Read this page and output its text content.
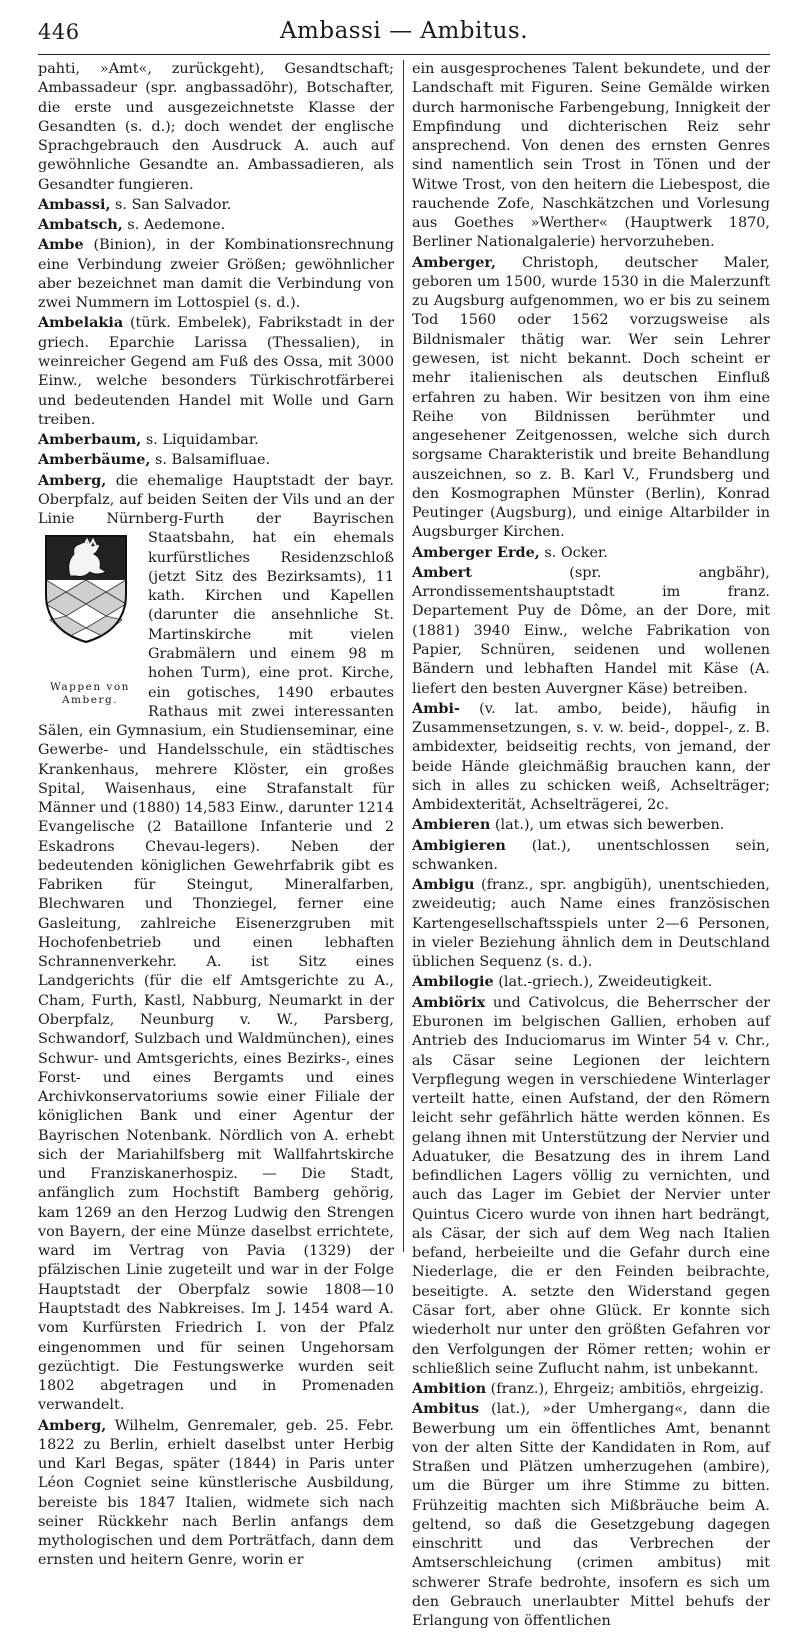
446	Ambassi — Ambitus.

pahti, »Amt«, zurückgeht), Gesandtschaft; Ambassadeur (spr. angbassadöhr), Botschafter, die erste und ausgezeichnetste Klasse der Gesandten (s. d.); doch wendet der englische Sprachgebrauch den Ausdruck A. auch auf gewöhnliche Gesandte an. Ambassadieren, als Gesandter fungieren.

Ambassi, s. San Salvador.

Ambatsch, s. Aedemone.

Ambe (Binion), in der Kombinationsrechnung eine Verbindung zweier Größen; gewöhnlicher aber bezeichnet man damit die Verbindung von zwei Nummern im Lottospiel (s. d.).

Ambelakia (türk. Embelek), Fabrikstadt in der griech. Eparchie Larissa (Thessalien), in weinreicher Gegend am Fuß des Ossa, mit 3000 Einw., welche besonders Türkischrotfärberei und bedeutenden Handel mit Wolle und Garn treiben.

Amberbaum, s. Liquidambar.

Amberbäume, s. Balsamifluae.

Amberg, die ehemalige Hauptstadt der bayr. Oberpfalz, auf beiden Seiten der Vils und an der Linie Nürnberg-Furth der Bayrischen Staatsbahn, hat ein
Wappen von Amberg.
ehemals kurfürstliches Residenzschloß (jetzt Sitz des Bezirksamts), 11 kath. Kirchen und Kapellen (darunter die ansehnliche St. Martinskirche mit vielen Grabmälern und einem 98 m hohen Turm), eine prot. Kirche, ein gotisches, 1490 erbautes Rathaus mit zwei interessanten Sälen, ein Gymnasium, ein Studienseminar, eine Gewerbe- und Handelsschule, ein städtisches Krankenhaus, mehrere Klöster, ein großes Spital, Waisenhaus, eine Strafanstalt für Männer und (1880) 14,583 Einw., darunter 1214 Evangelische (2 Bataillone Infanterie und 2 Eskadrons Chevau-legers). Neben der bedeutenden königlichen Gewehrfabrik gibt es Fabriken für Steingut, Mineralfarben, Blechwaren und Thonziegel, ferner eine Gasleitung, zahlreiche Eisenerzgruben mit Hochofenbetrieb und einen lebhaften Schrannenverkehr. A. ist Sitz eines Landgerichts (für die elf Amtsgerichte zu A., Cham, Furth, Kastl, Nabburg, Neumarkt in der Oberpfalz, Neunburg v. W., Parsberg, Schwandorf, Sulzbach und Waldmünchen), eines Schwur- und Amtsgerichts, eines Bezirks-, eines Forst- und eines Bergamts und eines Archivkonservatoriums sowie einer Filiale der königlichen Bank und einer Agentur der Bayrischen Notenbank. Nördlich von A. erhebt sich der Mariahilfsberg mit Wallfahrtskirche und Franziskanerhospiz. — Die Stadt, anfänglich zum Hochstift Bamberg gehörig, kam 1269 an den Herzog Ludwig den Strengen von Bayern, der eine Münze daselbst errichtete, ward im Vertrag von Pavia (1329) der pfälzischen Linie zugeteilt und war in der Folge Hauptstadt der Oberpfalz sowie 1808—10 Hauptstadt des Nabkreises. Im J. 1454 ward A. vom Kurfürsten Friedrich I. von der Pfalz eingenommen und für seinen Ungehorsam gezüchtigt. Die Festungswerke wurden seit 1802 abgetragen und in Promenaden verwandelt.

Amberg, Wilhelm, Genremaler, geb. 25. Febr. 1822 zu Berlin, erhielt daselbst unter Herbig und Karl Begas, später (1844) in Paris unter Léon Cogniet seine künstlerische Ausbildung, bereiste bis 1847 Italien, widmete sich nach seiner Rückkehr nach Berlin anfangs dem mythologischen und dem Porträtfach, dann dem ernsten und heitern Genre, worin er

ein ausgesprochenes Talent bekundete, und der Landschaft mit Figuren. Seine Gemälde wirken durch harmonische Farbengebung, Innigkeit der Empfindung und dichterischen Reiz sehr ansprechend. Von denen des ernsten Genres sind namentlich sein Trost in Tönen und der Witwe Trost, von den heitern die Liebespost, die rauchende Zofe, Naschkätzchen und Vorlesung aus Goethes »Werther« (Hauptwerk 1870, Berliner Nationalgalerie) hervorzuheben.

Amberger, Christoph, deutscher Maler, geboren um 1500, wurde 1530 in die Malerzunft zu Augsburg aufgenommen, wo er bis zu seinem Tod 1560 oder 1562 vorzugsweise als Bildnismaler thätig war. Wer sein Lehrer gewesen, ist nicht bekannt. Doch scheint er mehr italienischen als deutschen Einfluß erfahren zu haben. Wir besitzen von ihm eine Reihe von Bildnissen berühmter und angesehener Zeitgenossen, welche sich durch sorgsame Charakteristik und breite Behandlung auszeichnen, so z. B. Karl V., Frundsberg und den Kosmographen Münster (Berlin), Konrad Peutinger (Augsburg), und einige Altarbilder in Augsburger Kirchen.

Amberger Erde, s. Ocker.

Ambert (spr. angbähr), Arrondissementshauptstadt im franz. Departement Puy de Dôme, an der Dore, mit (1881) 3940 Einw., welche Fabrikation von Papier, Schnüren, seidenen und wollenen Bändern und lebhaften Handel mit Käse (A. liefert den besten Auvergner Käse) betreiben.

Ambi- (v. lat. ambo, beide), häufig in Zusammensetzungen, s. v. w. beid-, doppel-, z. B. ambidexter, beidseitig rechts, von jemand, der beide Hände gleichmäßig brauchen kann, der sich in alles zu schicken weiß, Achselträger; Ambidexterität, Achselträgerei, 2c.

Ambieren (lat.), um etwas sich bewerben.

Ambigieren (lat.), unentschlossen sein, schwanken.

Ambigu (franz., spr. angbigüh), unentschieden, zweideutig; auch Name eines französischen Kartengesellschaftsspiels unter 2—6 Personen, in vieler Beziehung ähnlich dem in Deutschland üblichen Sequenz (s. d.).

Ambilogie (lat.-griech.), Zweideutigkeit.

Ambiörix und Cativolcus, die Beherrscher der Eburonen im belgischen Gallien, erhoben auf Antrieb des Induciomarus im Winter 54 v. Chr., als Cäsar seine Legionen der leichtern Verpflegung wegen in verschiedene Winterlager verteilt hatte, einen Aufstand, der den Römern leicht sehr gefährlich hätte werden können. Es gelang ihnen mit Unterstützung der Nervier und Aduatuker, die Besatzung des in ihrem Land befindlichen Lagers völlig zu vernichten, und auch das Lager im Gebiet der Nervier unter Quintus Cicero wurde von ihnen hart bedrängt, als Cäsar, der sich auf dem Weg nach Italien befand, herbeieilte und die Gefahr durch eine Niederlage, die er den Feinden beibrachte, beseitigte. A. setzte den Widerstand gegen Cäsar fort, aber ohne Glück. Er konnte sich wiederholt nur unter den größten Gefahren vor den Verfolgungen der Römer retten; wohin er schließlich seine Zuflucht nahm, ist unbekannt.

Ambition (franz.), Ehrgeiz; ambitiös, ehrgeizig.

Ambitus (lat.), »der Umhergang«, dann die Bewerbung um ein öffentliches Amt, benannt von der alten Sitte der Kandidaten in Rom, auf Straßen und Plätzen umherzugehen (ambire), um die Bürger um ihre Stimme zu bitten. Frühzeitig machten sich Mißbräuche beim A. geltend, so daß die Gesetzgebung dagegen einschritt und das Verbrechen der Amtserschleichung (crimen ambitus) mit schwerer Strafe bedrohte, insofern es sich um den Gebrauch unerlaubter Mittel behufs der Erlangung von öffentlichen
